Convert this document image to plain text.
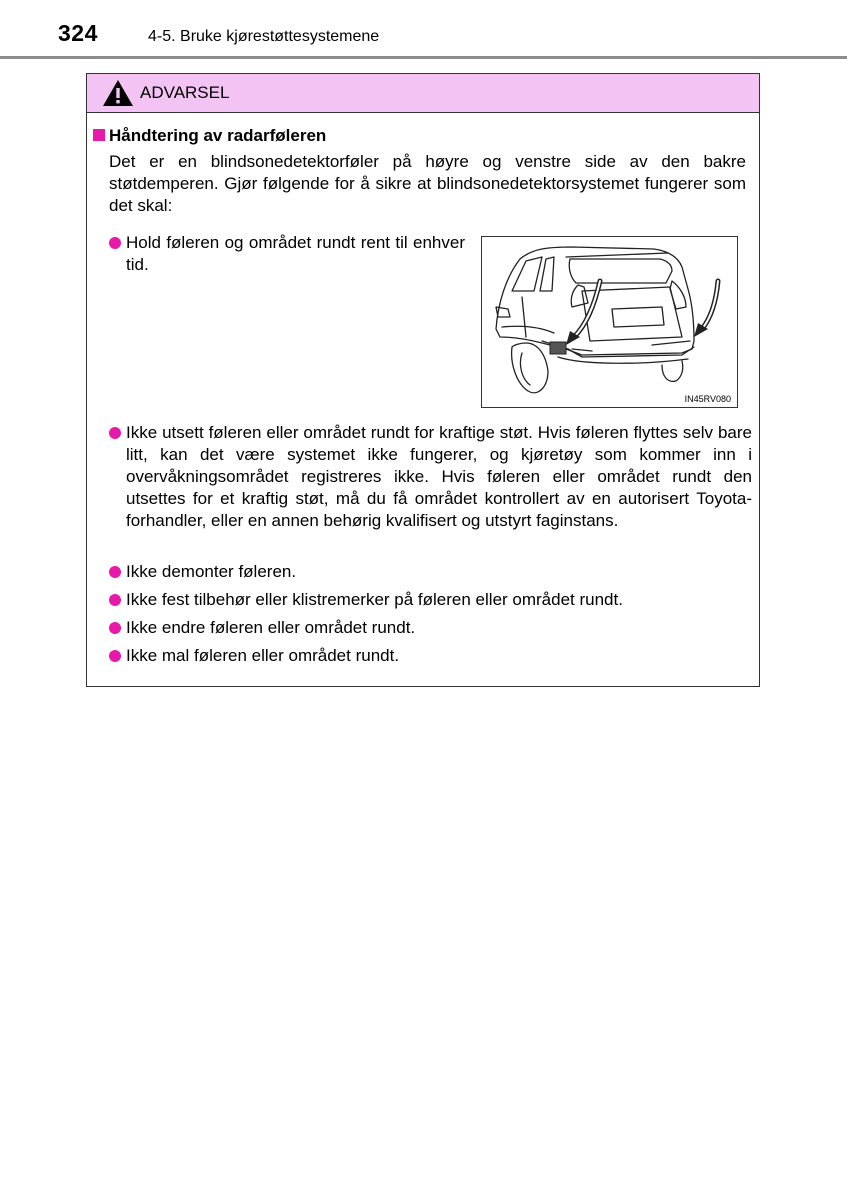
324	4-5. Bruke kjørestøttesystemene
ADVARSEL
Håndtering av radarføleren

Det er en blindsonedetektorføler på høyre og venstre side av den bakre støtdemperen. Gjør følgende for å sikre at blindsonedetektorsystemet fungerer som det skal:

Hold føleren og området rundt rent til enhver tid.

IN45RV080

Ikke utsett føleren eller området rundt for kraftige støt. Hvis føleren flyttes selv bare litt, kan det være systemet ikke fungerer, og kjøretøy som kommer inn i overvåkningsområdet registreres ikke. Hvis føleren eller området rundt den utsettes for et kraftig støt, må du få området kontrollert av en autorisert Toyota-forhandler, eller en annen behørig kvalifisert og utstyrt faginstans.

Ikke demonter føleren.

Ikke fest tilbehør eller klistremerker på føleren eller området rundt.

Ikke endre føleren eller området rundt.

Ikke mal føleren eller området rundt.
